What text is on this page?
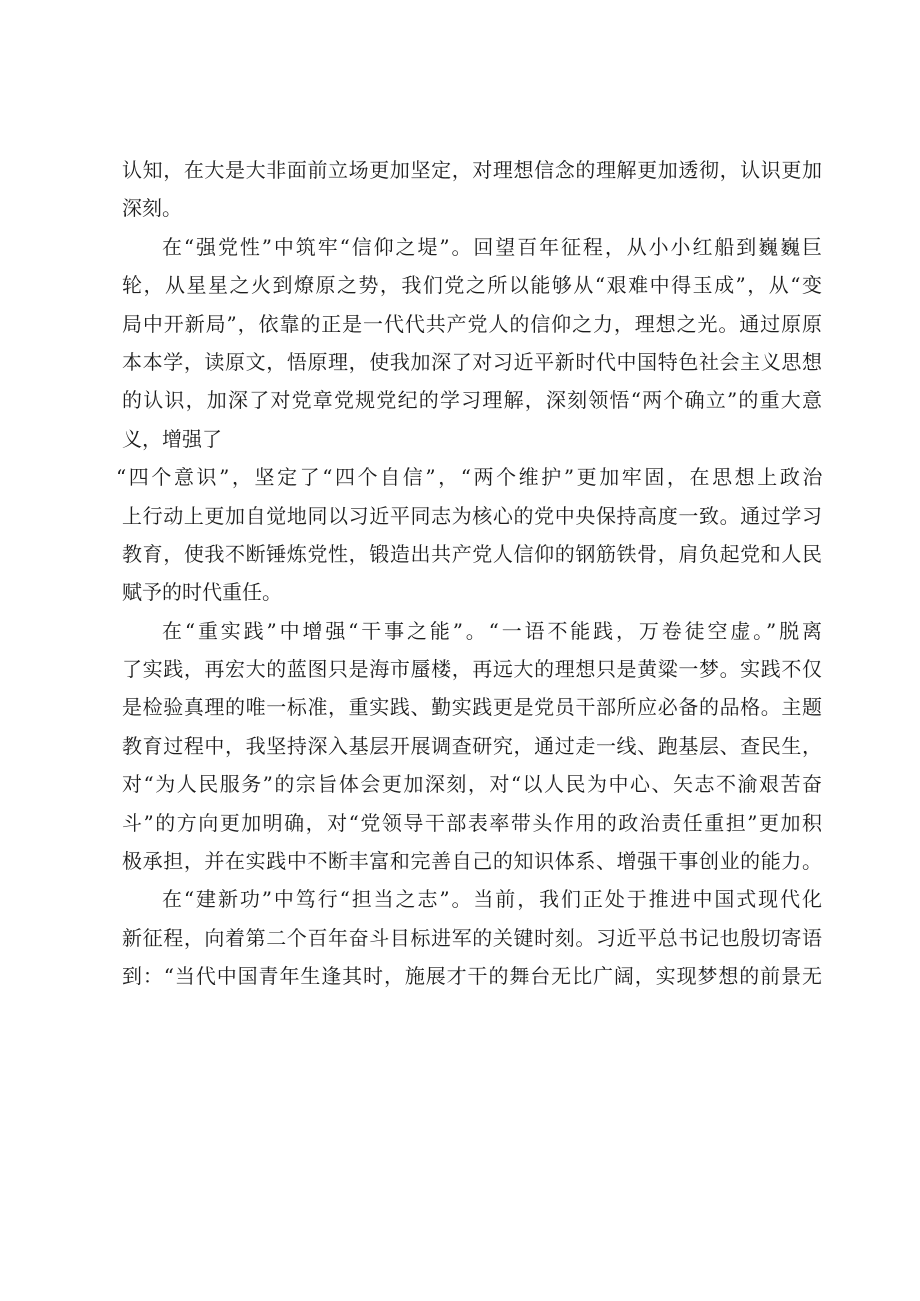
认知，在大是大非面前立场更加坚定，对理想信念的理解更加透彻，认识更加
深刻。
在“强党性”中筑牢“信仰之堤”。回望百年征程，从小小红船到巍巍巨
轮，从星星之火到燎原之势，我们党之所以能够从“艰难中得玉成”，从“变
局中开新局”，依靠的正是一代代共产党人的信仰之力，理想之光。通过原原
本本学，读原文，悟原理，使我加深了对习近平新时代中国特色社会主义思想
的认识，加深了对党章党规党纪的学习理解，深刻领悟“两个确立”的重大意
义，增强了
“四个意识”，坚定了“四个自信”，“两个维护”更加牢固，在思想上政治
上行动上更加自觉地同以习近平同志为核心的党中央保持高度一致。通过学习
教育，使我不断锤炼党性，锻造出共产党人信仰的钢筋铁骨，肩负起党和人民
赋予的时代重任。
在“重实践”中增强“干事之能”。“一语不能践，万卷徒空虚。”脱离
了实践，再宏大的蓝图只是海市蜃楼，再远大的理想只是黄粱一梦。实践不仅
是检验真理的唯一标准，重实践、勤实践更是党员干部所应必备的品格。主题
教育过程中，我坚持深入基层开展调查研究，通过走一线、跑基层、查民生，
对“为人民服务”的宗旨体会更加深刻，对“以人民为中心、矢志不渝艰苦奋
斗”的方向更加明确，对“党领导干部表率带头作用的政治责任重担”更加积
极承担，并在实践中不断丰富和完善自己的知识体系、增强干事创业的能力。
在“建新功”中笃行“担当之志”。当前，我们正处于推进中国式现代化
新征程，向着第二个百年奋斗目标进军的关键时刻。习近平总书记也殷切寄语
到：“当代中国青年生逢其时，施展才干的舞台无比广阔，实现梦想的前景无
